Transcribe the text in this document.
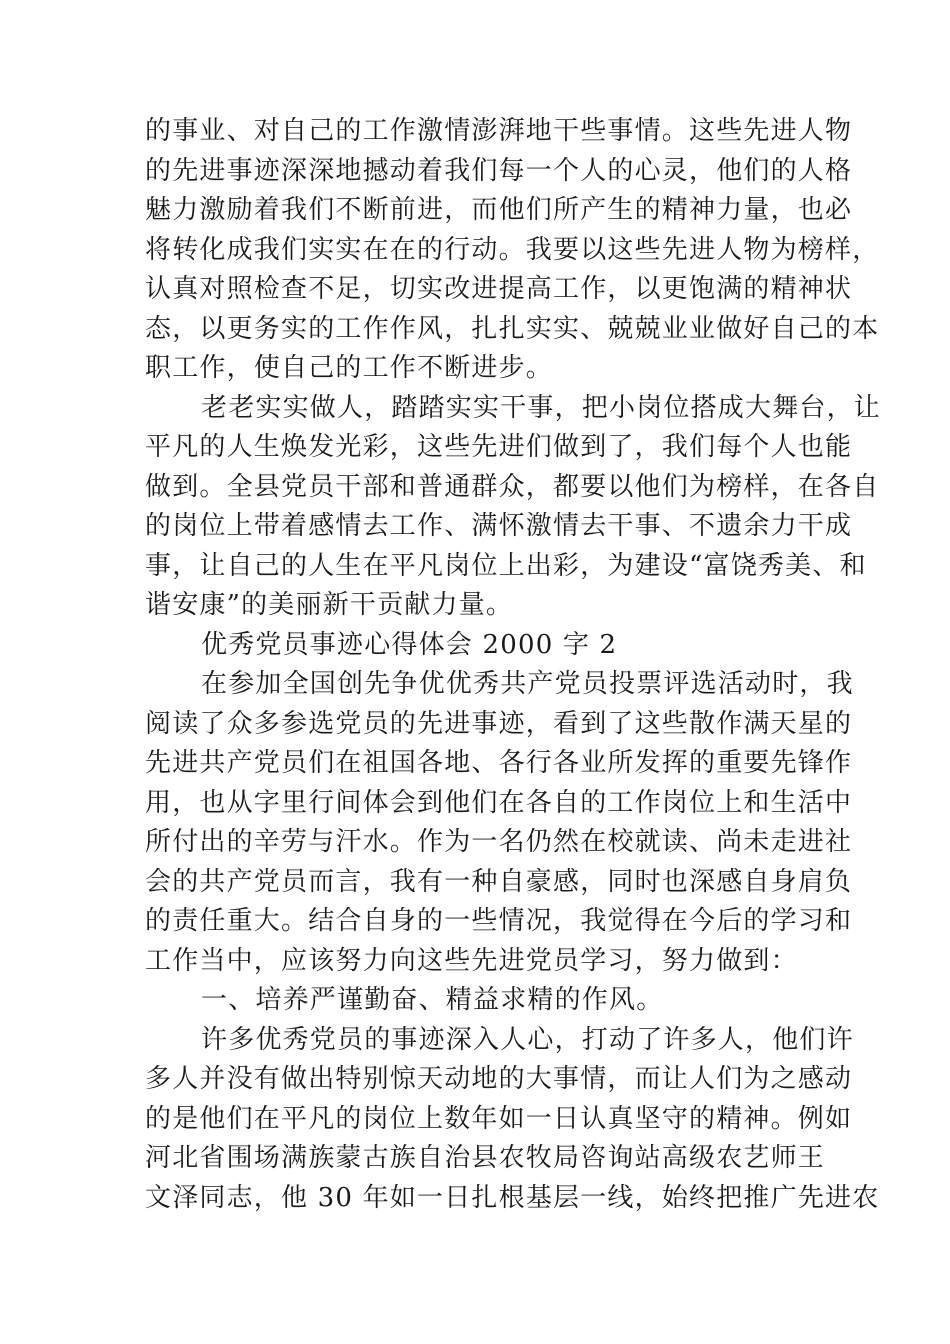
的事业、对自己的工作激情澎湃地干些事情。这些先进人物
的先进事迹深深地撼动着我们每一个人的心灵，他们的人格
魅力激励着我们不断前进，而他们所产生的精神力量，也必
将转化成我们实实在在的行动。我要以这些先进人物为榜样，
认真对照检查不足，切实改进提高工作，以更饱满的精神状
态，以更务实的工作作风，扎扎实实、兢兢业业做好自己的本
职工作，使自己的工作不断进步。
老老实实做人，踏踏实实干事，把小岗位搭成大舞台，让
平凡的人生焕发光彩，这些先进们做到了，我们每个人也能
做到。全县党员干部和普通群众，都要以他们为榜样，在各自
的岗位上带着感情去工作、满怀激情去干事、不遗余力干成
事，让自己的人生在平凡岗位上出彩，为建设“富饶秀美、和
谐安康”的美丽新干贡献力量。
优秀党员事迹心得体会 2000 字 2
在参加全国创先争优优秀共产党员投票评选活动时，我
阅读了众多参选党员的先进事迹，看到了这些散作满天星的
先进共产党员们在祖国各地、各行各业所发挥的重要先锋作
用，也从字里行间体会到他们在各自的工作岗位上和生活中
所付出的辛劳与汗水。作为一名仍然在校就读、尚未走进社
会的共产党员而言，我有一种自豪感，同时也深感自身肩负
的责任重大。结合自身的一些情况，我觉得在今后的学习和
工作当中，应该努力向这些先进党员学习，努力做到：
一、培养严谨勤奋、精益求精的作风。
许多优秀党员的事迹深入人心，打动了许多人，他们许
多人并没有做出特别惊天动地的大事情，而让人们为之感动
的是他们在平凡的岗位上数年如一日认真坚守的精神。例如
河北省围场满族蒙古族自治县农牧局咨询站高级农艺师王
文泽同志，他 30 年如一日扎根基层一线，始终把推广先进农
